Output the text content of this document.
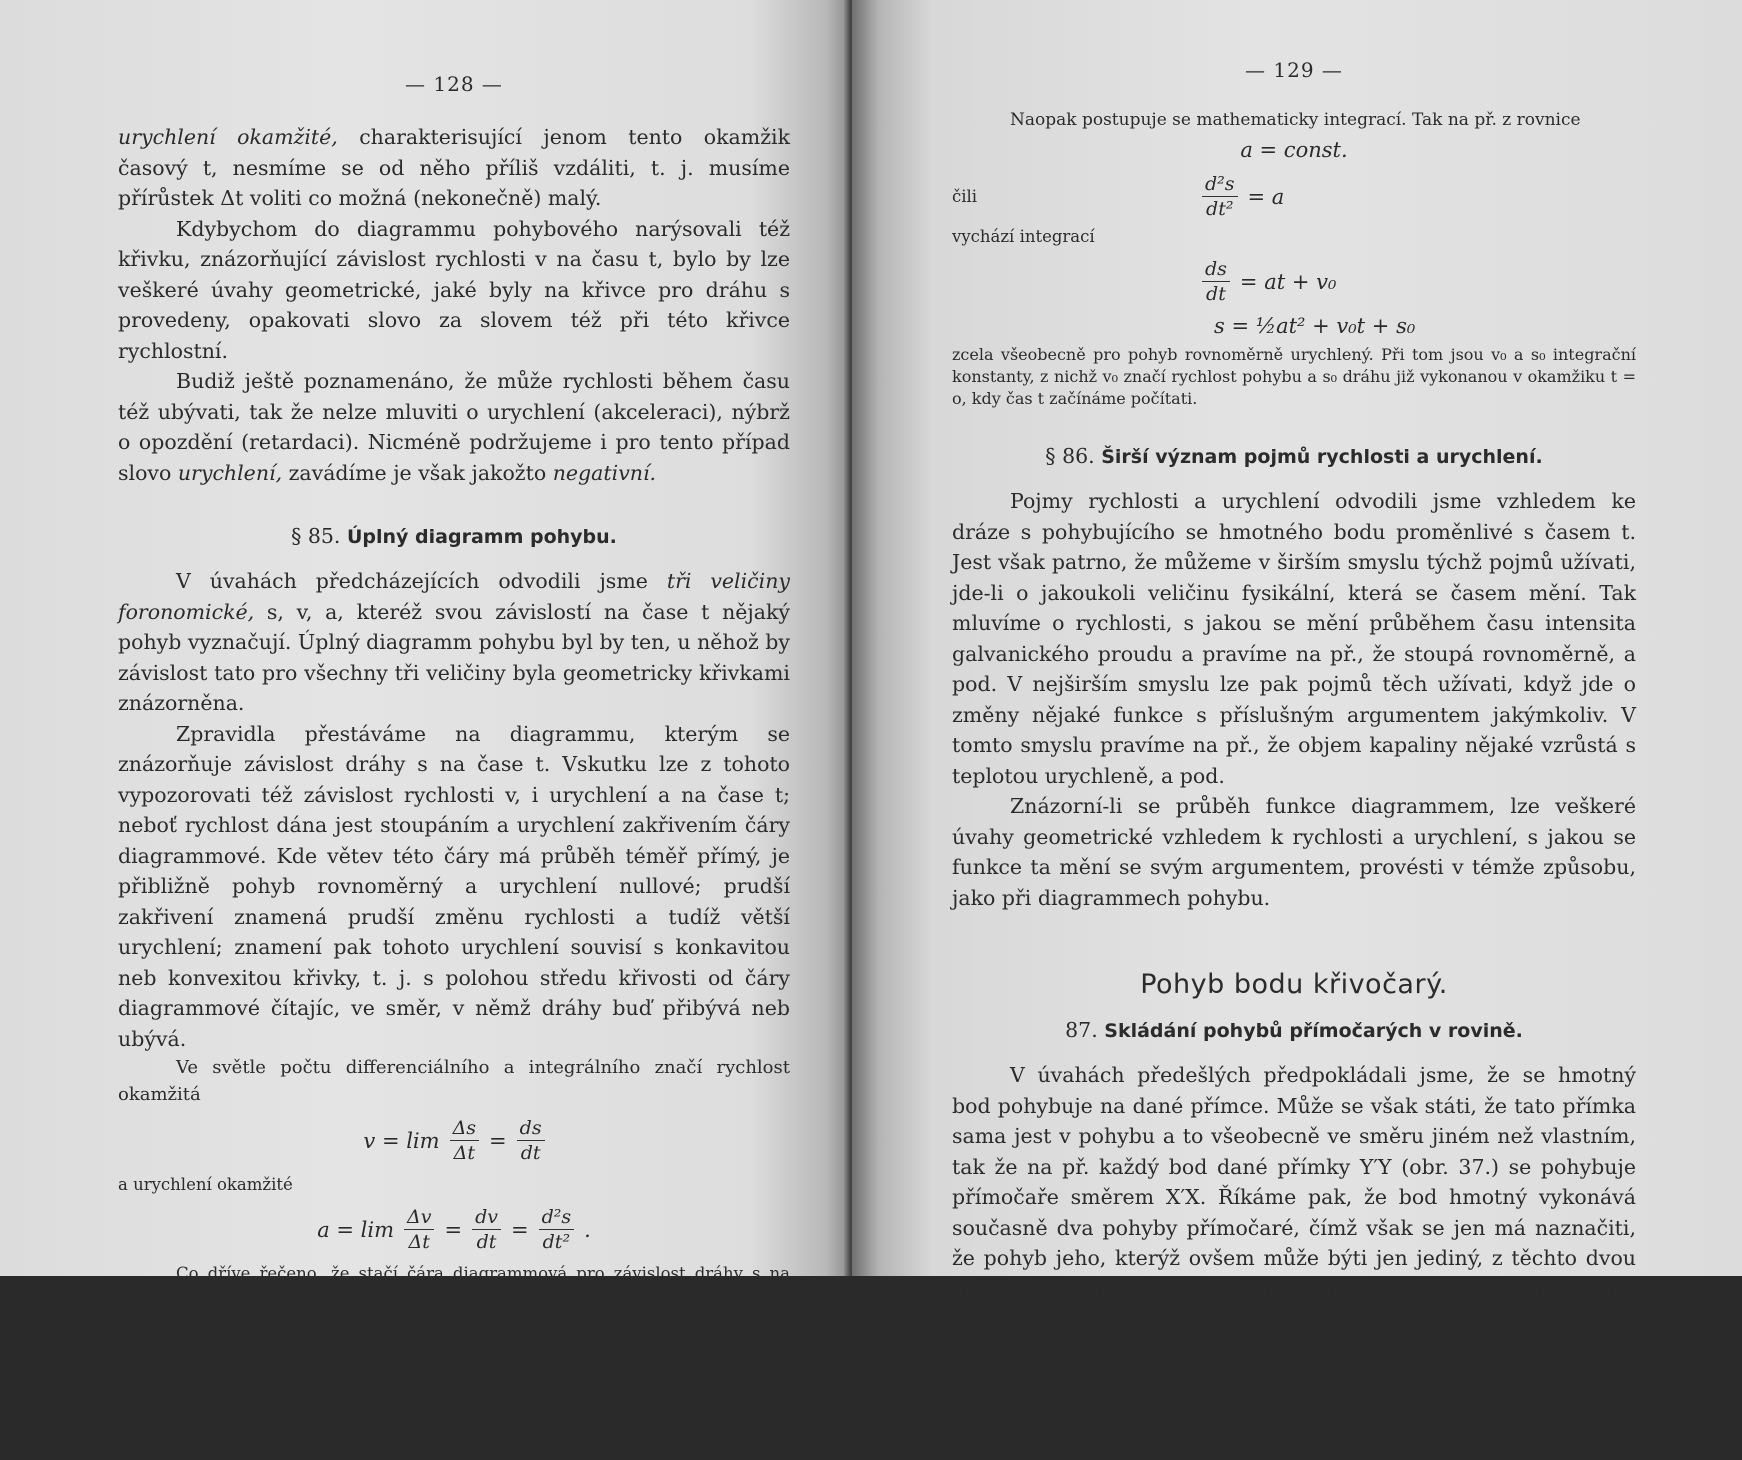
— 128 —

urychlení okamžité, charakterisující jenom tento okamžik časový t, nesmíme se od něho příliš vzdáliti, t. j. musíme přírůstek Δt voliti co možná (nekonečně) malý.

Kdybychom do diagrammu pohybového narýsovali též křivku, znázorňující závislost rychlosti v na času t, bylo by lze veškeré úvahy geometrické, jaké byly na křivce pro dráhu s provedeny, opakovati slovo za slovem též při této křivce rychlostní.

Budiž ještě poznamenáno, že může rychlosti během času též ubývati, tak že nelze mluviti o urychlení (akceleraci), nýbrž o opozdění (retardaci). Nicméně podržujeme i pro tento případ slovo urychlení, zavádíme je však jakožto negativní.

§ 85. Úplný diagramm pohybu.

V úvahách předcházejících odvodili jsme tři veličiny foronomické, s, v, a, kteréž svou závislostí na čase t nějaký pohyb vyznačují. Úplný diagramm pohybu byl by ten, u něhož by závislost tato pro všechny tři veličiny byla geometricky křivkami znázorněna.

Zpravidla přestáváme na diagrammu, kterým se znázorňuje závislost dráhy s na čase t. Vskutku lze z tohoto vypozorovati též závislost rychlosti v, i urychlení a na čase t; neboť rychlost dána jest stoupáním a urychlení zakřivením čáry diagrammové. Kde větev této čáry má průběh téměř přímý, je přibližně pohyb rovnoměrný a urychlení nullové; prudší zakřivení znamená prudší změnu rychlosti a tudíž větší urychlení; znamení pak tohoto urychlení souvisí s konkavitou neb konvexitou křivky, t. j. s polohou středu křivosti od čáry diagrammové čítajíc, ve směr, v němž dráhy buď přibývá neb ubývá.

Ve světle počtu differenciálního a integrálního značí rychlost okamžitá

$v = \lim \frac{\Delta s}{\Delta t} = \frac{ds}{dt}$
a urychlení okamžité
$a = \lim \frac{\Delta v}{\Delta t} = \frac{dv}{dt} = \frac{\text{d²s}}{\text{dt²}}$ .

Co dříve řečeno, že stačí čára diagrammová pro závislost dráhy s na času t, znamená mathematicky, že stačí závislost formy

s = f(t)

pro posouzení celého pohybu; neboť rychlost v plyne derivací

v = f′(t)

a podobně urychlení a derivací další

a = f″(t).
— 129 —

Naopak postupuje se mathematicky integrací. Tak na př. z rovnice

a = const.
čili	$\frac{\text{d²s}}{\text{dt²}} = a$
vychází integrací
$\frac{ds}{dt}$ = at + v₀
s = ½at² + v₀t + s₀

zcela všeobecně pro pohyb rovnoměrně urychlený. Při tom jsou v₀ a s₀ integrační konstanty, z nichž v₀ značí rychlost pohybu a s₀ dráhu již vykonanou v okamžiku t = o, kdy čas t začínáme počítati.

§ 86. Širší význam pojmů rychlosti a urychlení.

Pojmy rychlosti a urychlení odvodili jsme vzhledem ke dráze s pohybujícího se hmotného bodu proměnlivé s časem t. Jest však patrno, že můžeme v širším smyslu týchž pojmů užívati, jde-li o jakoukoli veličinu fysikální, která se časem mění. Tak mluvíme o rychlosti, s jakou se mění průběhem času intensita galvanického proudu a pravíme na př., že stoupá rovnoměrně, a pod. V nejširším smyslu lze pak pojmů těch užívati, když jde o změny nějaké funkce s příslušným argumentem jakýmkoliv. V tomto smyslu pravíme na př., že objem kapaliny nějaké vzrůstá s teplotou urychleně, a pod.

Znázorní-li se průběh funkce diagrammem, lze veškeré úvahy geometrické vzhledem k rychlosti a urychlení, s jakou se funkce ta mění se svým argumentem, provésti v témže způsobu, jako při diagrammech pohybu.

Pohyb bodu křivočarý.
87. Skládání pohybů přímočarých v rovině.

V úvahách předešlých předpokládali jsme, že se hmotný bod pohybuje na dané přímce. Může se však státi, že tato přímka sama jest v pohybu a to všeobecně ve směru jiném než vlastním, tak že na př. každý bod dané přímky Y′Y (obr. 37.) se pohybuje přímočaře směrem X′X. Říkáme pak, že bod hmotný vykonává současně dva pohyby přímočaré, čímž však se jen má naznačiti, že pohyb jeho, kterýž ovšem může býti jen jediný, z těchto dvou jakožto výsledný vzniká. Jest pak dán úkol, tento výsledný pohyb určiti.

Dr. V. Strouhal: Mechanika, 2. vyd.	9
